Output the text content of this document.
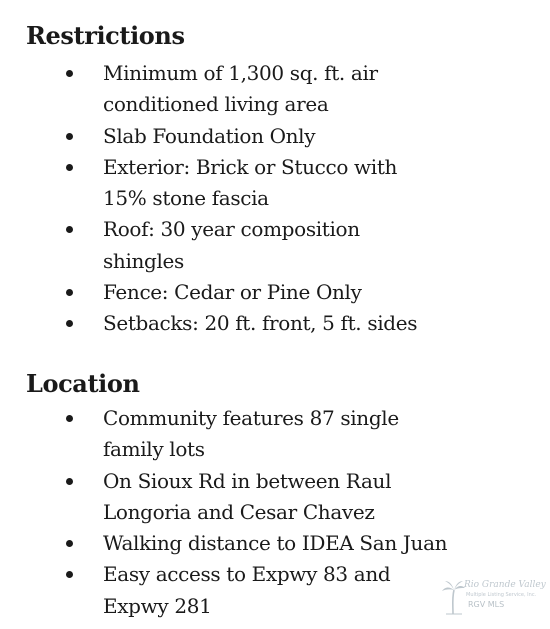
Restrictions
Minimum of 1,300 sq. ft. air
conditioned living area
Slab Foundation Only
Exterior: Brick or Stucco with
15% stone fascia
Roof: 30 year composition
shingles
Fence: Cedar or Pine Only
Setbacks: 20 ft. front, 5 ft. sides
Location
Community features 87 single
family lots
On Sioux Rd in between Raul
Longoria and Cesar Chavez
Walking distance to IDEA San Juan
Easy access to Expwy 83 and
Expwy 281
Rio Grande Valley
Multiple Listing Service, Inc.
RGV MLS
